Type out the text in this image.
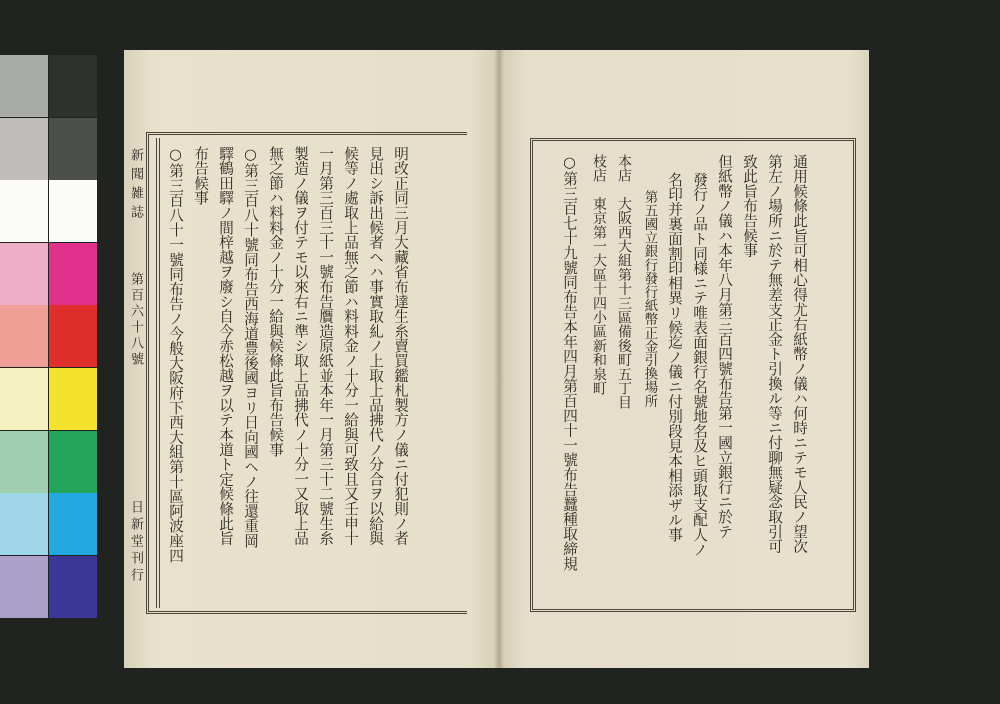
新聞雑誌
第百六十八號
日新堂刊行 ○第三百八十一號同布告ノ今般大阪府下西大組第十區阿波座四 布告候事 驛鶴田驛ノ間梓越ヲ廢シ自今赤松越ヲ以テ本道ト定候條此旨 ○第三百八十號同布告西海道豊後國ヨリ日向國ヘノ往還重岡 無之節ハ料料金ノ十分一給與候條此旨布告候事 製造ノ儀ヲ付テモ以來右ニ準シ取上品拂代ノ十分一又取上品 一月第三百三十一號布告贋造原紙並本年一月第三十二號生糸 候等ノ處取上品無之節ハ料料金ノ十分一給與可致且又壬申十 見出シ訴出候者ヘハ事實取糺ノ上取上品拂代ノ分合ヲ以給與 明改正同三月大藏省布達生糸賣買鑑札製方ノ儀ニ付犯則ノ者	通用候條此旨可相心得尤右紙幣ノ儀ハ何時ニテモ人民ノ望次
第左ノ場所ニ於テ無差支正金ト引換ル等ニ付聊無疑念取引可
致此旨布告候事
但紙幣ノ儀ハ本年八月第三百四號布告第一國立銀行ニ於テ
發行ノ品ト同様ニテ唯表面銀行名號地名及ヒ頭取支配人ノ
名印并裏面割印相異リ候迄ノ儀ニ付別段見本相添ザル事
第五國立銀行發行紙幣正金引換場所
本店　大阪西大組第十三區備後町五丁目
枝店　東京第一大區十四小區新和泉町
○第三百七十九號同布告本年四月第百四十一號布告蠶種取締規
